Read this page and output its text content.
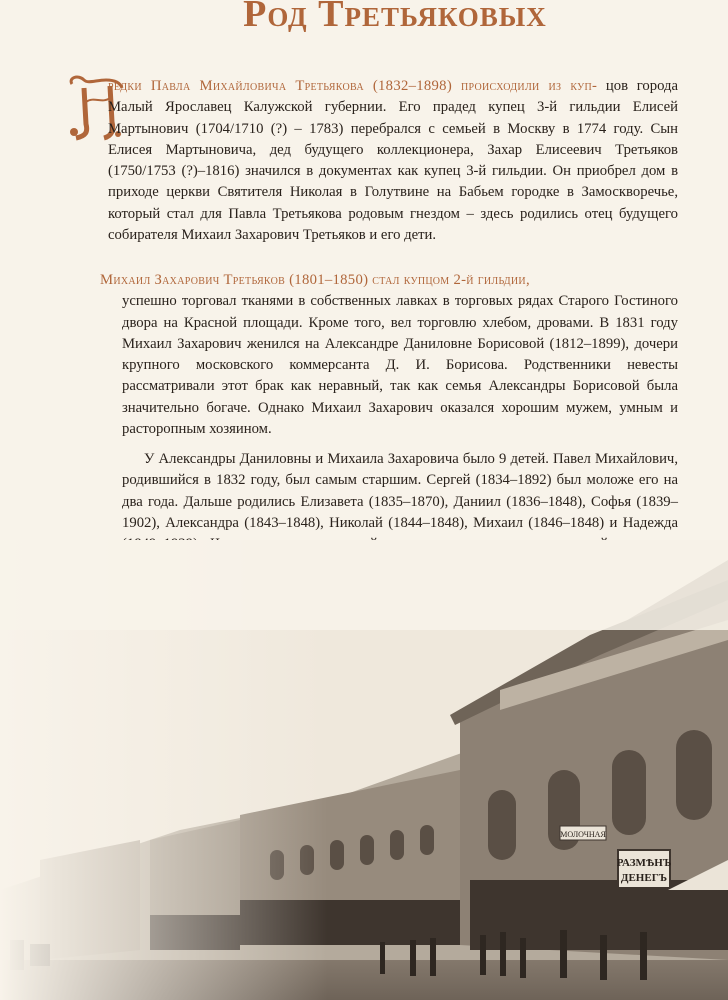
Род Третьяковых
редки Павла Михайловича Третьякова (1832–1898) происходили из куп- цов города Малый Ярославец Калужской губернии. Его прадед купец 3-й гильдии Елисей Мартынович (1704/1710 (?) – 1783) перебрался с семьей в Москву в 1774 году. Сын Елисея Мартыновича, дед будущего коллекционера, Захар Елисеевич Третьяков (1750/1753 (?)–1816) значился в документах как купец 3-й гильдии. Он приобрел дом в приходе церкви Святителя Николая в Голутвине на Бабьем городке в Замоскворечье, который стал для Павла Третьякова родовым гнездом – здесь родились отец будущего собирателя Михаил Захарович Третьяков и его дети.
Михаил Захарович Третьяков (1801–1850) стал купцом 2-й гильдии,
успешно торговал тканями в собственных лавках в торговых рядах Старого Гостиного двора на Красной площади. Кроме того, вел торговлю хлебом, дровами. В 1831 году Михаил Захарович женился на Александре Даниловне Борисовой (1812–1899), дочери крупного московского коммерсанта Д. И. Борисова. Родственники невесты рассматривали этот брак как неравный, так как семья Александры Борисовой была значительно богаче. Однако Михаил Захарович оказался хорошим мужем, умным и расторопным хозяином.
У Александры Даниловны и Михаила Захаровича было 9 детей. Павел Михайлович, родившийся в 1832 году, был самым старшим. Сергей (1834–1892) был моложе его на два года. Дальше родились Елизавета (1835–1870), Даниил (1836–1848), Софья (1839–1902), Александра (1843–1848), Николай (1844–1848), Михаил (1846–1848) и Надежда
